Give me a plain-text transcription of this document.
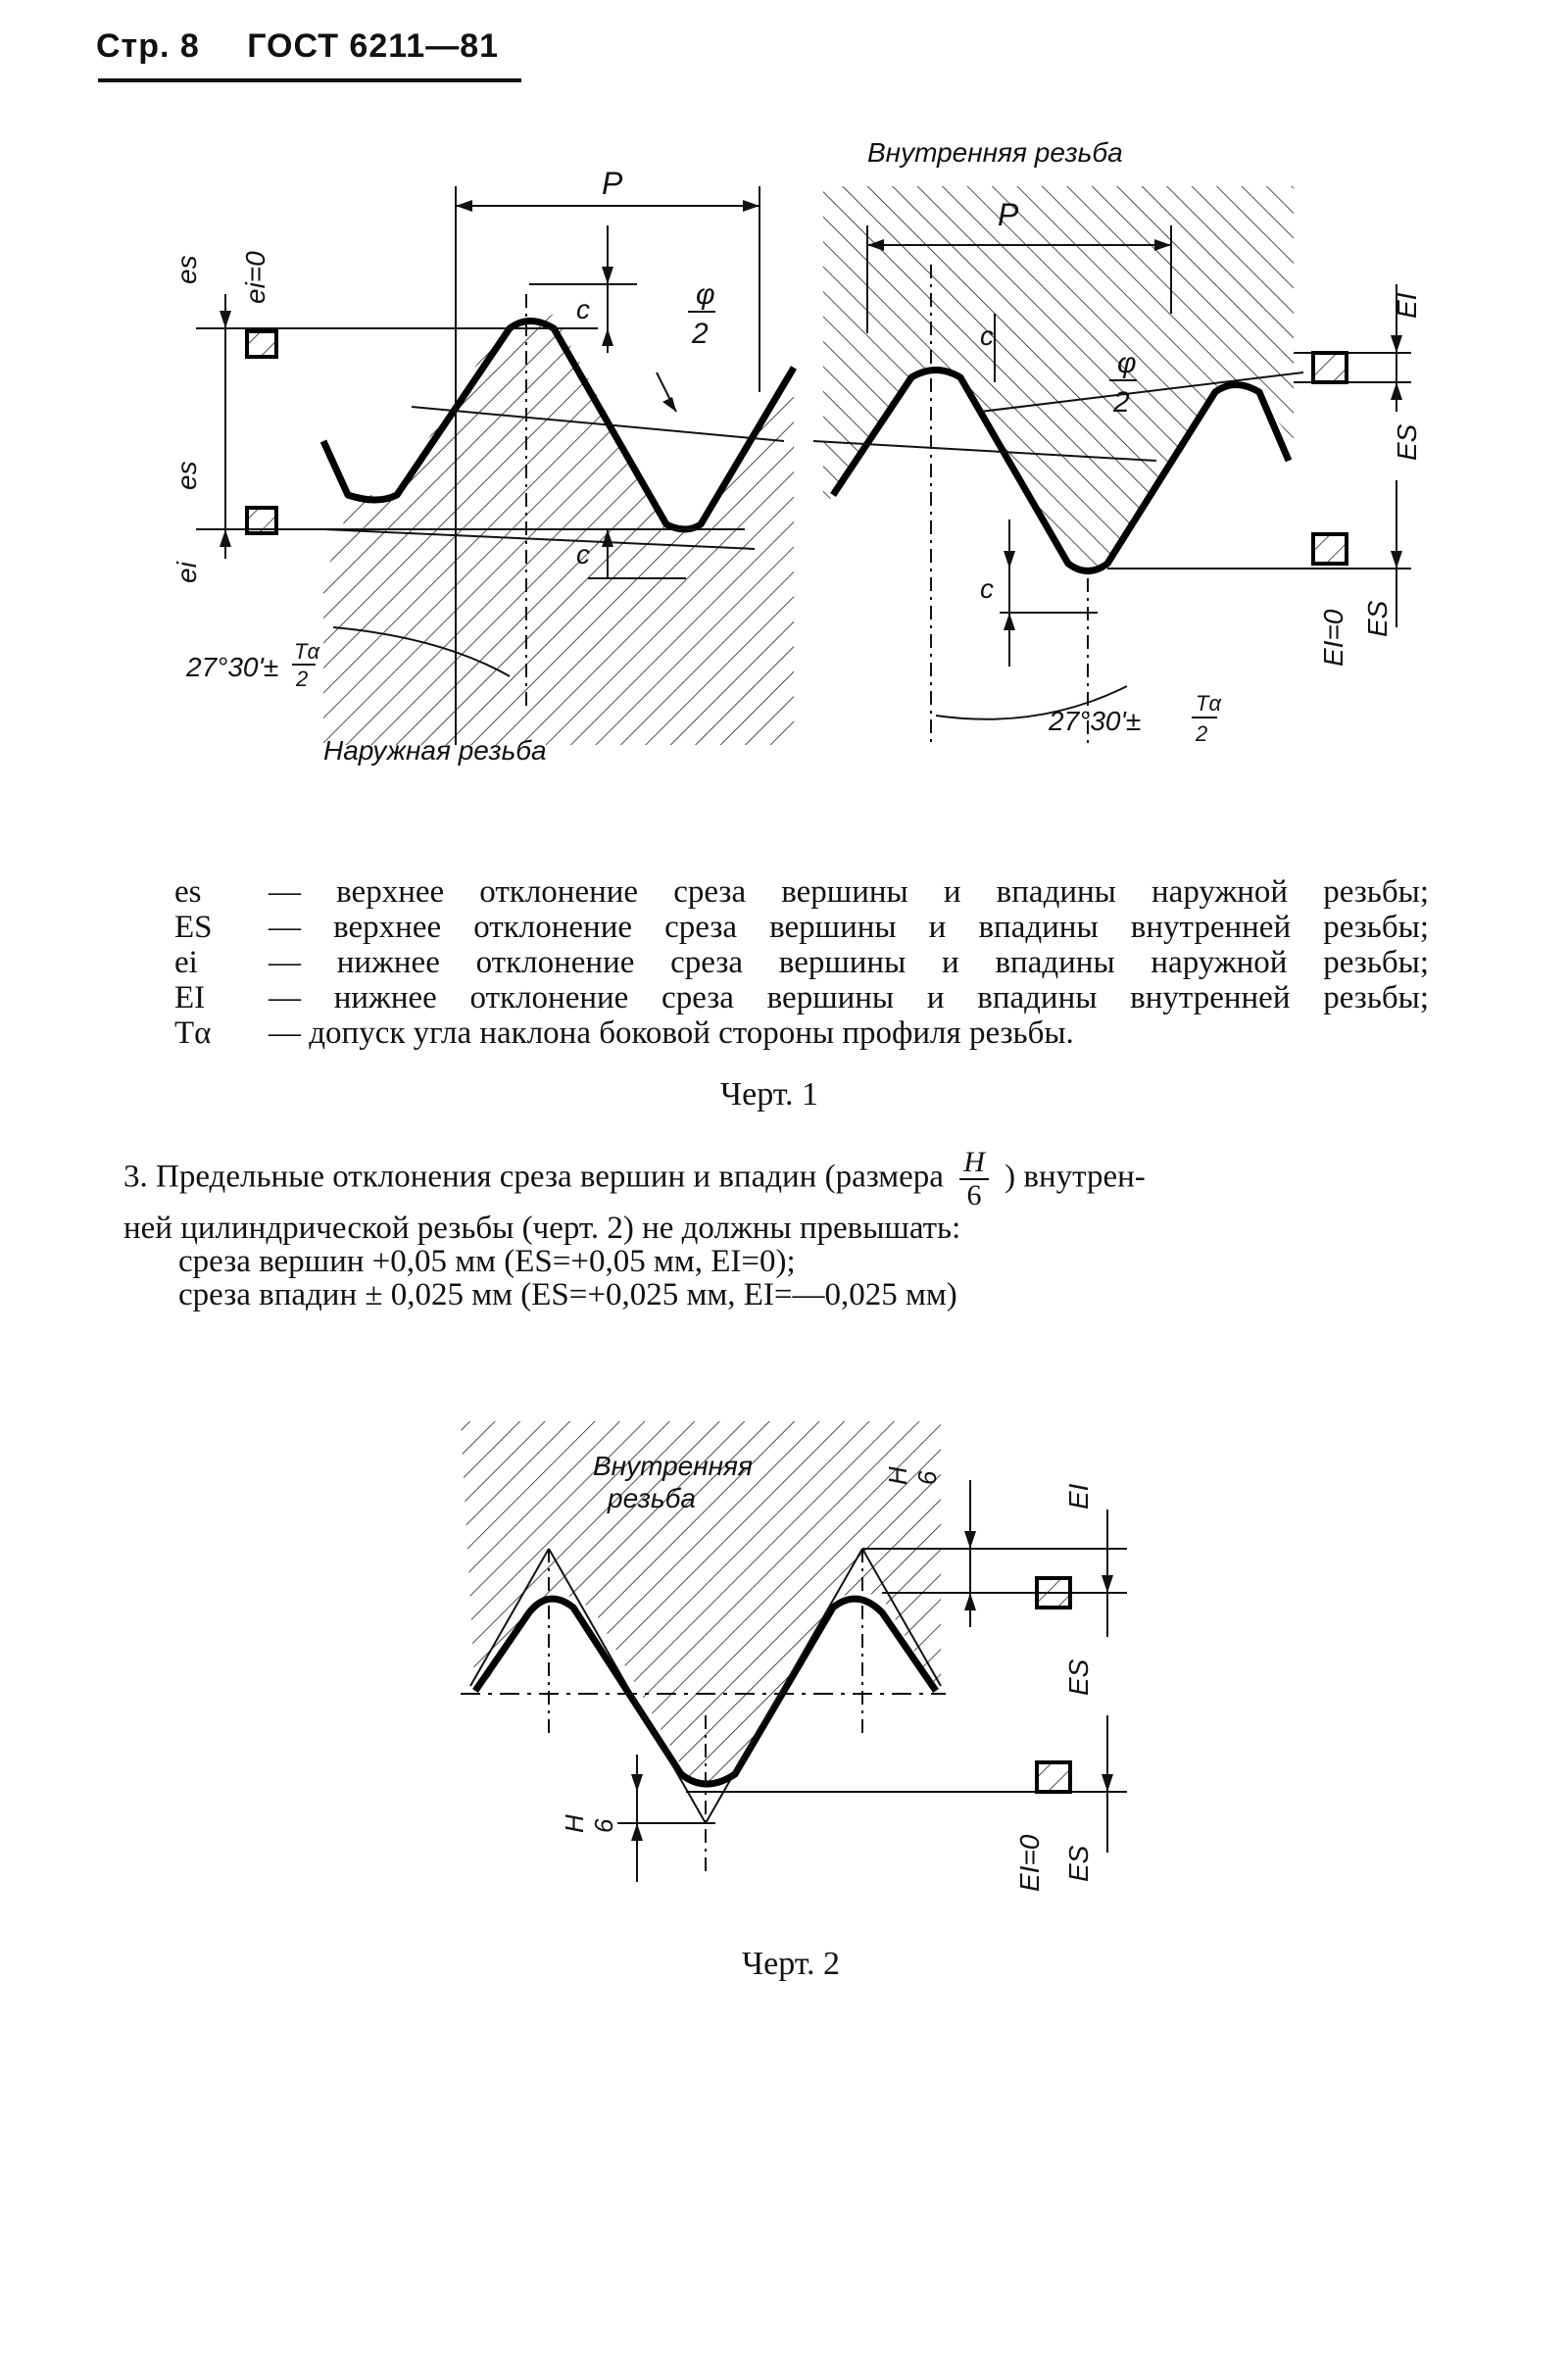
Стр. 8 ГОСТ 6211—81
P
c
c
φ
2
es ei=0
es
ei
27°30'±
Tα
2
Наружная резьба
P
c
c
φ
2
EI
ES
EI=0 ES
27°30'±
Tα
2
Внутренняя резьба
es	— верхнее отклонение среза вершины и впадины наружной резьбы;
ES	— верхнее отклонение среза вершины и впадины внутренней резьбы;
ei	— нижнее отклонение среза вершины и впадины наружной резьбы;
EI	— нижнее отклонение среза вершины и впадины внутренней резьбы;
Tα	— допуск угла наклона боковой стороны профиля резьбы.
Черт. 1
3. Предельные отклонения среза вершин и впадин (размера $\frac{H}{6}$ ) внутрен-
ней цилиндрической резьбы (черт. 2) не должны превышать:
среза вершин +0,05 мм (ES=+0,05 мм, EI=0);
среза впадин ± 0,025 мм (ES=+0,025 мм, EI=—0,025 мм)
H 6
EI
ES
EI=0 ES
H 6
Внутренняя
резьба
Черт. 2
